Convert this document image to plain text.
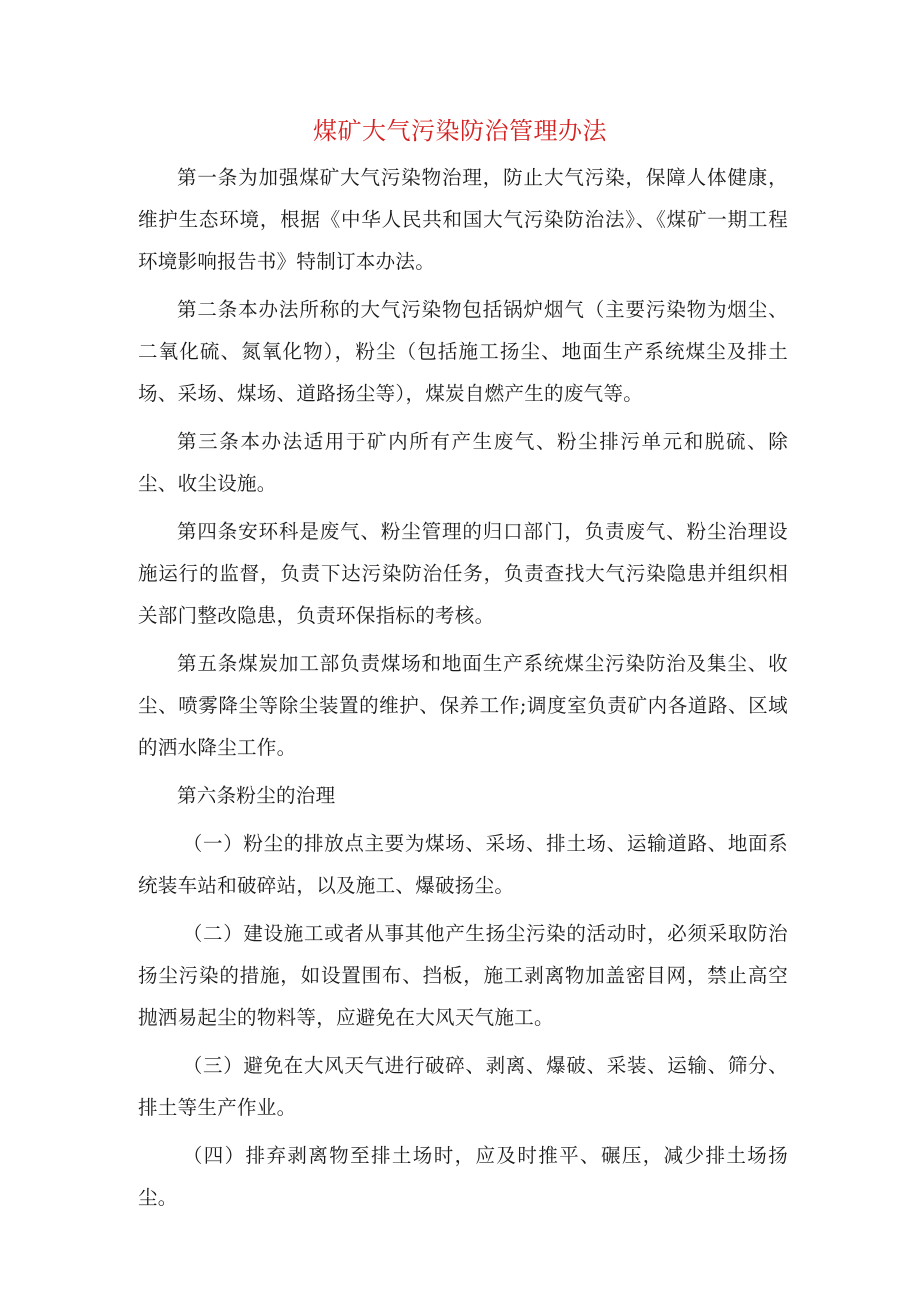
煤矿大气污染防治管理办法

第一条为加强煤矿大气污染物治理，防止大气污染，保障人体健康，维护生态环境，根据《中华人民共和国大气污染防治法》、《煤矿一期工程环境影响报告书》特制订本办法。

第二条本办法所称的大气污染物包括锅炉烟气（主要污染物为烟尘、二氧化硫、氮氧化物），粉尘（包括施工扬尘、地面生产系统煤尘及排土场、采场、煤场、道路扬尘等），煤炭自燃产生的废气等。

第三条本办法适用于矿内所有产生废气、粉尘排污单元和脱硫、除尘、收尘设施。

第四条安环科是废气、粉尘管理的归口部门，负责废气、粉尘治理设施运行的监督，负责下达污染防治任务，负责查找大气污染隐患并组织相关部门整改隐患，负责环保指标的考核。

第五条煤炭加工部负责煤场和地面生产系统煤尘污染防治及集尘、收尘、喷雾降尘等除尘装置的维护、保养工作;调度室负责矿内各道路、区域的洒水降尘工作。

第六条粉尘的治理

（一）粉尘的排放点主要为煤场、采场、排土场、运输道路、地面系统装车站和破碎站，以及施工、爆破扬尘。

（二）建设施工或者从事其他产生扬尘污染的活动时，必须采取防治扬尘污染的措施，如设置围布、挡板，施工剥离物加盖密目网，禁止高空抛洒易起尘的物料等，应避免在大风天气施工。

（三）避免在大风天气进行破碎、剥离、爆破、采装、运输、筛分、排土等生产作业。

（四）排弃剥离物至排土场时，应及时推平、碾压，减少排土场扬尘。
